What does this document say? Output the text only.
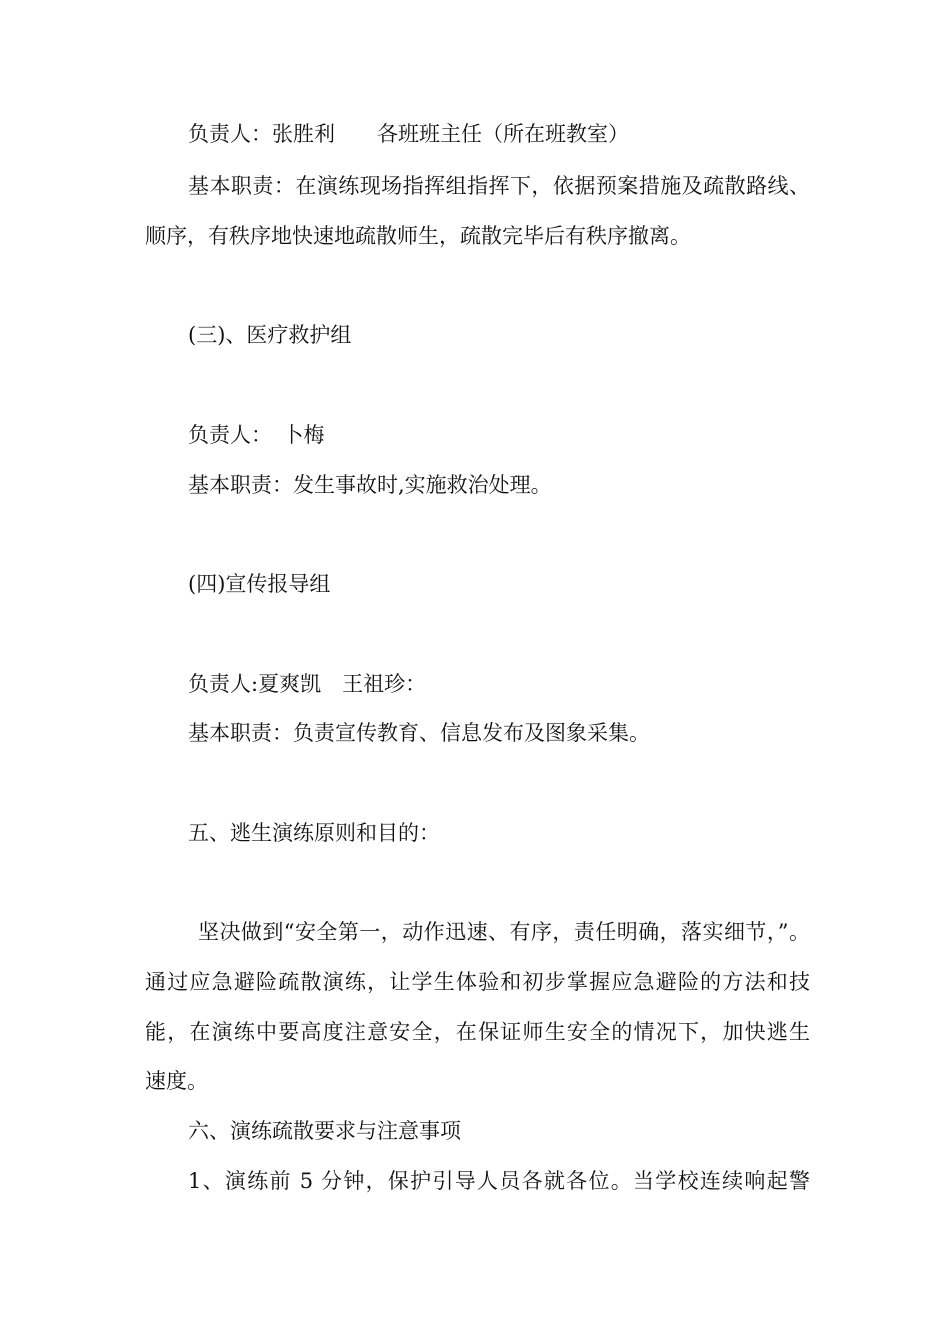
负责人：张胜利　　各班班主任（所在班教室）
基本职责：在演练现场指挥组指挥下，依据预案措施及疏散路线、
顺序，有秩序地快速地疏散师生，疏散完毕后有秩序撤离。
(三)、医疗救护组
负责人：　卜梅
基本职责：发生事故时,实施救治处理。
(四)宣传报导组
负责人:夏爽凯　王祖珍：
基本职责：负责宣传教育、信息发布及图象采集。
五、逃生演练原则和目的：
坚决做到“安全第一，动作迅速、有序，责任明确，落实细节，”。
通过应急避险疏散演练，让学生体验和初步掌握应急避险的方法和技
能，在演练中要高度注意安全，在保证师生安全的情况下，加快逃生
速度。
六、演练疏散要求与注意事项
1、演练前 5 分钟，保护引导人员各就各位。当学校连续响起警
